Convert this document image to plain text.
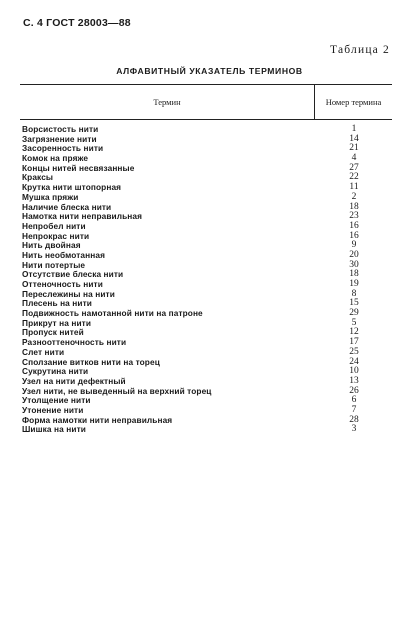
С. 4 ГОСТ 28003—88
Таблица 2
АЛФАВИТНЫЙ УКАЗАТЕЛЬ ТЕРМИНОВ
Термин	Номер термина
Ворсистость нити	1
Загрязнение нити	14
Засоренность нити	21
Комок на пряже	4
Концы нитей несвязанные	27
Краксы	22
Крутка нити штопорная	11
Мушка пряжи	2
Наличие блеска нити	18
Намотка нити неправильная	23
Непробел нити	16
Непрокрас нити	16
Нить двойная	9
Нить необмотанная	20
Нити потертые	30
Отсутствие блеска нити	18
Оттеночность нити	19
Переслежины на нити	8
Плесень на нити	15
Подвижность намотанной нити на патроне	29
Прикрут на нити	5
Пропуск нитей	12
Разнооттеночность нити	17
Слет нити	25
Сползание витков нити на торец	24
Сукрутина нити	10
Узел на нити дефектный	13
Узел нити, не выведенный на верхний торец	26
Утолщение нити	6
Утонение нити	7
Форма намотки нити неправильная	28
Шишка на нити	3
